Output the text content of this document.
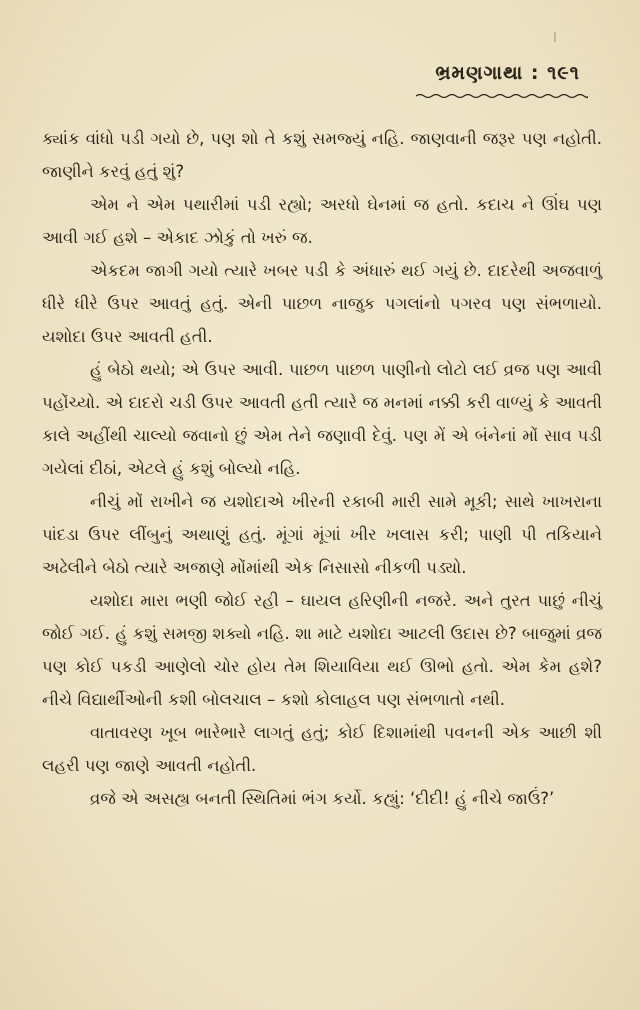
ભ્રમણગાથા : ૧૯૧

ક્યાંક વાંધો પડી ગયો છે, પણ શો તે કશું સમજ્યું નહિ. જાણવાની જરૂર પણ નહોતી. જાણીને કરવું હતું શું?

એમ ને એમ પથારીમાં પડી રહ્યો; અરધો ઘેનમાં જ હતો. કદાચ ને ઊંઘ પણ આવી ગઈ હશે – એકાદ ઝોકું તો ખરું જ.

એકદમ જાગી ગયો ત્યારે ખબર પડી કે અંધારું થઈ ગયું છે. દાદરેથી અજવાળું ધીરે ધીરે ઉપર આવતું હતું. એની પાછળ નાજુક પગલાંનો પગરવ પણ સંભળાયો. યશોદા ઉપર આવતી હતી.

હું બેઠો થયો; એ ઉપર આવી. પાછળ પાછળ પાણીનો લોટો લઈ વ્રજ પણ આવી પહોંચ્યો. એ દાદરો ચડી ઉપર આવતી હતી ત્યારે જ મનમાં નક્કી કરી વાળ્યું કે આવતી કાલે અહીંથી ચાલ્યો જવાનો છું એમ તેને જણાવી દેવું. પણ મેં એ બંનેનાં મોં સાવ પડી ગયેલાં દીઠાં, એટલે હું કશું બોલ્યો નહિ.

નીચું મોં રાખીને જ યશોદાએ ખીરની રકાબી મારી સામે મૂકી; સાથે ખાખરાના પાંદડા ઉપર લીંબુનું અથાણું હતું. મૂંગાં મૂંગાં ખીર ખલાસ કરી; પાણી પી તકિયાને અઢેલીને બેઠો ત્યારે અજાણે મોંમાંથી એક નિસાસો નીકળી પડ્યો.

યશોદા મારા ભણી જોઈ રહી – ઘાયલ હરિણીની નજરે. અને તુરત પાછું નીચું જોઈ ગઈ. હું કશું સમજી શક્યો નહિ. શા માટે યશોદા આટલી ઉદાસ છે? બાજુમાં વ્રજ પણ કોઈ પકડી આણેલો ચોર હોય તેમ શિયાવિયા થઈ ઊભો હતો. એમ કેમ હશે? નીચે વિદ્યાર્થીઓની કશી બોલચાલ – કશો કોલાહલ પણ સંભળાતો નથી.

વાતાવરણ ખૂબ ભારેભારે લાગતું હતું; કોઈ દિશામાંથી પવનની એક આછી શી લહરી પણ જાણે આવતી નહોતી.

વ્રજે એ અસહ્ય બનતી સ્થિતિમાં ભંગ કર્યો. કહ્યું: ‘દીદી! હું નીચે જાઉં?’
